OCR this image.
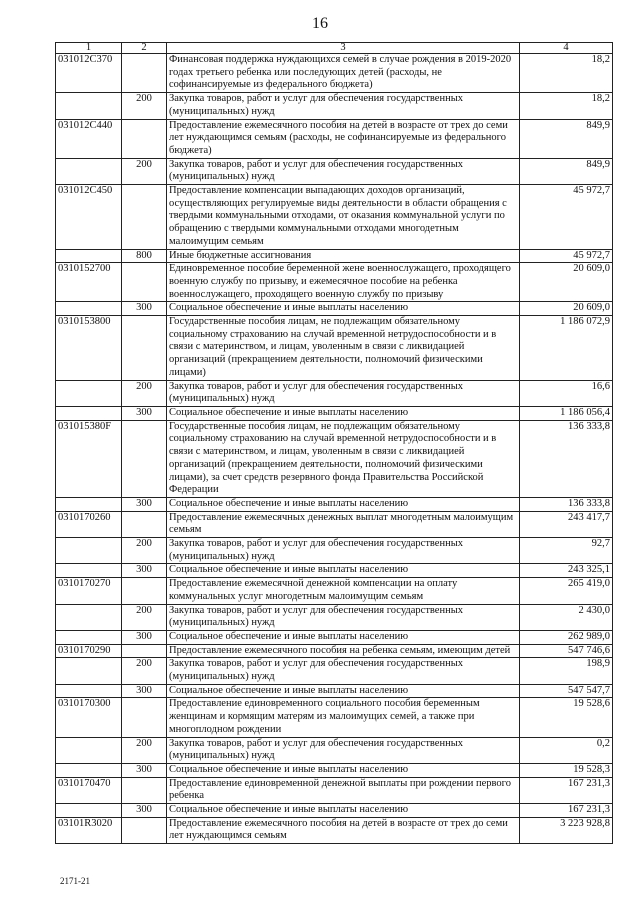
16
1	2	3	4
031012C370		Финансовая поддержка нуждающихся семей в случае рождения в 2019-2020 годах третьего ребенка или последующих детей (расходы, не софинансируемые из федерального бюджета)	18,2
	200	Закупка товаров, работ и услуг для обеспечения государственных (муниципальных) нужд	18,2
031012C440		Предоставление ежемесячного пособия на детей в возрасте от трех до семи лет нуждающимся семьям (расходы, не софинансируемые из федерального бюджета)	849,9
	200	Закупка товаров, работ и услуг для обеспечения государственных (муниципальных) нужд	849,9
031012C450		Предоставление компенсации выпадающих доходов организаций, осуществляющих регулируемые виды деятельности в области обращения с твердыми коммунальными отходами, от оказания коммунальной услуги по обращению с твердыми коммунальными отходами многодетным малоимущим семьям	45 972,7
	800	Иные бюджетные ассигнования	45 972,7
0310152700		Единовременное пособие беременной жене военнослужащего, проходящего военную службу по призыву, и ежемесячное пособие на ребенка военнослужащего, проходящего военную службу по призыву	20 609,0
	300	Социальное обеспечение и иные выплаты населению	20 609,0
0310153800		Государственные пособия лицам, не подлежащим обязательному социальному страхованию на случай временной нетрудоспособности и в связи с материнством, и лицам, уволенным в связи с ликвидацией организаций (прекращением деятельности, полномочий физическими лицами)	1 186 072,9
	200	Закупка товаров, работ и услуг для обеспечения государственных (муниципальных) нужд	16,6
	300	Социальное обеспечение и иные выплаты населению	1 186 056,4
031015380F		Государственные пособия лицам, не подлежащим обязательному социальному страхованию на случай временной нетрудоспособности и в связи с материнством, и лицам, уволенным в связи с ликвидацией организаций (прекращением деятельности, полномочий физическими лицами), за счет средств резервного фонда Правительства Российской Федерации	136 333,8
	300	Социальное обеспечение и иные выплаты населению	136 333,8
0310170260		Предоставление ежемесячных денежных выплат многодетным малоимущим семьям	243 417,7
	200	Закупка товаров, работ и услуг для обеспечения государственных (муниципальных) нужд	92,7
	300	Социальное обеспечение и иные выплаты населению	243 325,1
0310170270		Предоставление ежемесячной денежной компенсации на оплату коммунальных услуг многодетным малоимущим семьям	265 419,0
	200	Закупка товаров, работ и услуг для обеспечения государственных (муниципальных) нужд	2 430,0
	300	Социальное обеспечение и иные выплаты населению	262 989,0
0310170290		Предоставление ежемесячного пособия на ребенка семьям, имеющим детей	547 746,6
	200	Закупка товаров, работ и услуг для обеспечения государственных (муниципальных) нужд	198,9
	300	Социальное обеспечение и иные выплаты населению	547 547,7
0310170300		Предоставление единовременного социального пособия беременным женщинам и кормящим матерям из малоимущих семей, а также при многоплодном рождении	19 528,6
	200	Закупка товаров, работ и услуг для обеспечения государственных (муниципальных) нужд	0,2
	300	Социальное обеспечение и иные выплаты населению	19 528,3
0310170470		Предоставление единовременной денежной выплаты при рождении первого ребенка	167 231,3
	300	Социальное обеспечение и иные выплаты населению	167 231,3
03101R3020		Предоставление ежемесячного пособия на детей в возрасте от трех до семи лет нуждающимся семьям	3 223 928,8
2171-21
